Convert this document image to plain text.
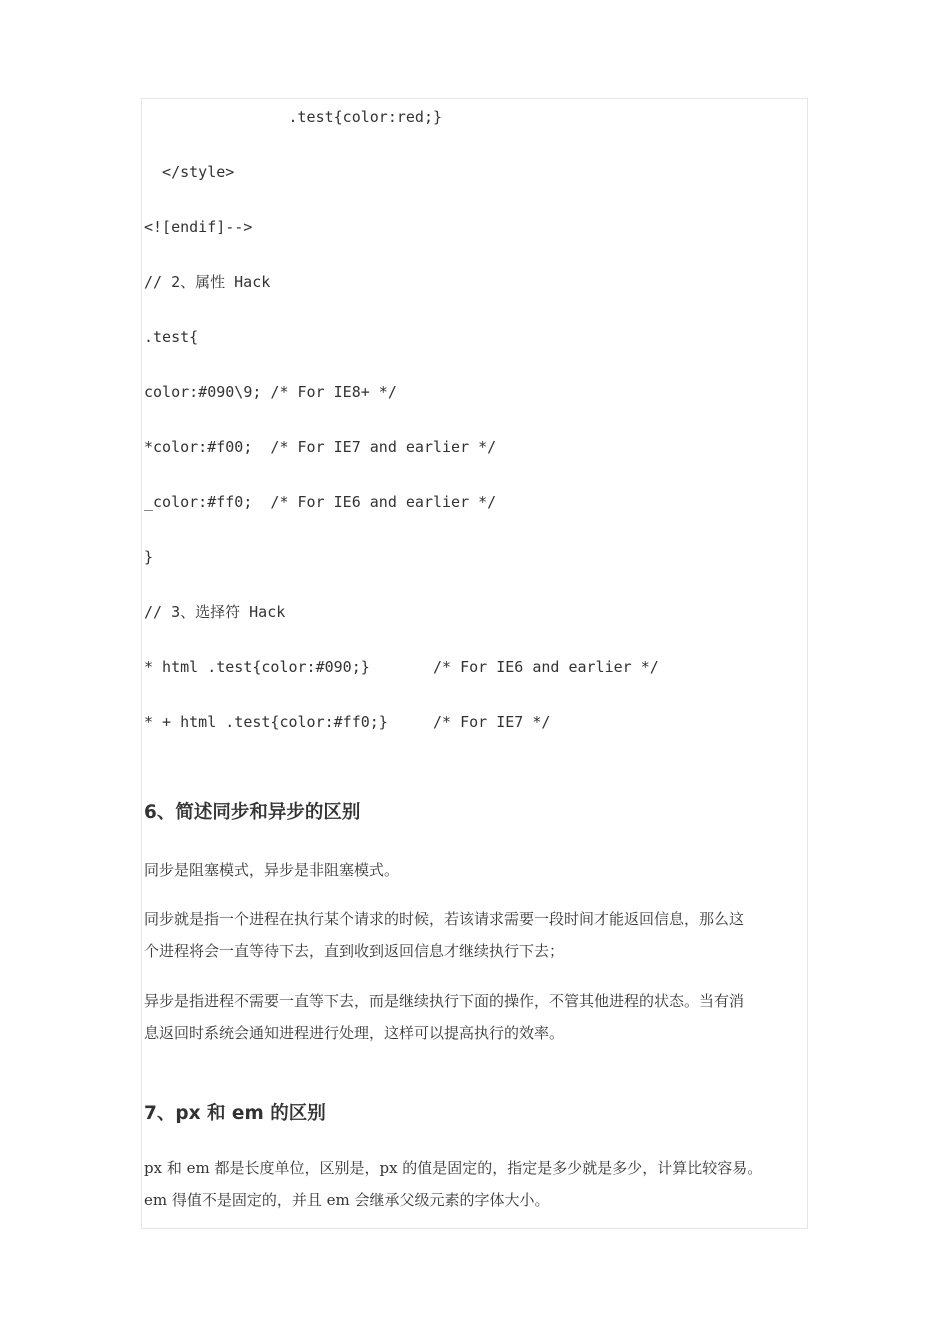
.test{color:red;}
</style>
<![endif]-->
// 2、属性 Hack
.test{
color:#090\9; /* For IE8+ */
*color:#f00;  /* For IE7 and earlier */
_color:#ff0;  /* For IE6 and earlier */
}
// 3、选择符 Hack
* html .test{color:#090;}       /* For IE6 and earlier */
* + html .test{color:#ff0;}     /* For IE7 */
6、简述同步和异步的区别
同步是阻塞模式，异步是非阻塞模式。
同步就是指一个进程在执行某个请求的时候，若该请求需要一段时间才能返回信息，那么这
个进程将会一直等待下去，直到收到返回信息才继续执行下去；
异步是指进程不需要一直等下去，而是继续执行下面的操作，不管其他进程的状态。当有消
息返回时系统会通知进程进行处理，这样可以提高执行的效率。
7、px 和 em 的区别
px 和 em 都是长度单位，区别是，px 的值是固定的，指定是多少就是多少，计算比较容易。
em 得值不是固定的，并且 em 会继承父级元素的字体大小。
